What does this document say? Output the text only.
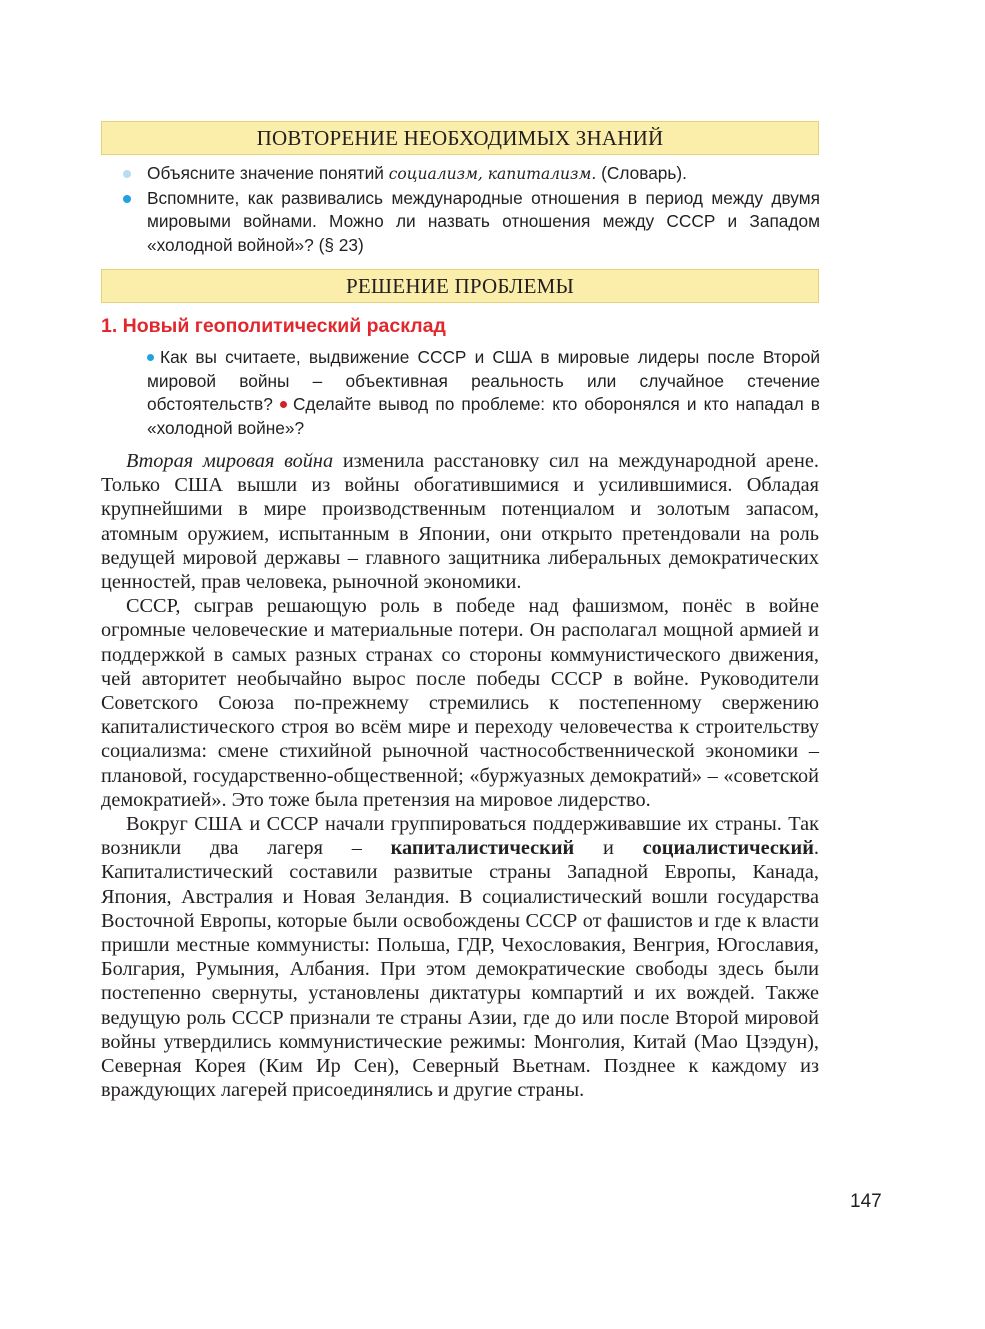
ПОВТОРЕНИЕ НЕОБХОДИМЫХ ЗНАНИЙ
Объясните значение понятий социализм, капитализм. (Словарь).
Вспомните, как развивались международные отношения в период между двумя мировыми войнами. Можно ли назвать отношения между СССР и Западом «холодной войной»? (§ 23)
РЕШЕНИЕ ПРОБЛЕМЫ
1. Новый геополитический расклад
Как вы считаете, выдвижение СССР и США в мировые лидеры после Второй мировой войны – объективная реальность или случайное стечение обстоятельств? Сделайте вывод по проблеме: кто оборонялся и кто нападал в «холодной войне»?

Вторая мировая война изменила расстановку сил на международной арене. Только США вышли из войны обогатившимися и усилившимися. Обладая крупнейшими в мире производственным потенциалом и золотым запасом, атомным оружием, испытанным в Японии, они открыто претендовали на роль ведущей мировой державы – главного защитника либеральных демократических ценностей, прав человека, рыночной экономики.

СССР, сыграв решающую роль в победе над фашизмом, понёс в войне огромные человеческие и материальные потери. Он располагал мощной армией и поддержкой в самых разных странах со стороны коммунистического движения, чей авторитет необычайно вырос после победы СССР в войне. Руководители Советского Союза по-прежнему стремились к постепенному свержению капиталистического строя во всём мире и переходу человечества к строительству социализма: смене стихийной рыночной частнособственнической экономики – плановой, государственно-общественной; «буржуазных демократий» – «советской демократией». Это тоже была претензия на мировое лидерство.

Вокруг США и СССР начали группироваться поддерживавшие их страны. Так возникли два лагеря – капиталистический и социалистический. Капиталистический составили развитые страны Западной Европы, Канада, Япония, Австралия и Новая Зеландия. В социалистический вошли государства Восточной Европы, которые были освобождены СССР от фашистов и где к власти пришли местные коммунисты: Польша, ГДР, Чехословакия, Венгрия, Югославия, Болгария, Румыния, Албания. При этом демократические свободы здесь были постепенно свернуты, установлены диктатуры компартий и их вождей. Также ведущую роль СССР признали те страны Азии, где до или после Второй мировой войны утвердились коммунистические режимы: Монголия, Китай (Мао Цзэдун), Северная Корея (Ким Ир Сен), Северный Вьетнам. Позднее к каждому из враждующих лагерей присоединялись и другие страны.

147
